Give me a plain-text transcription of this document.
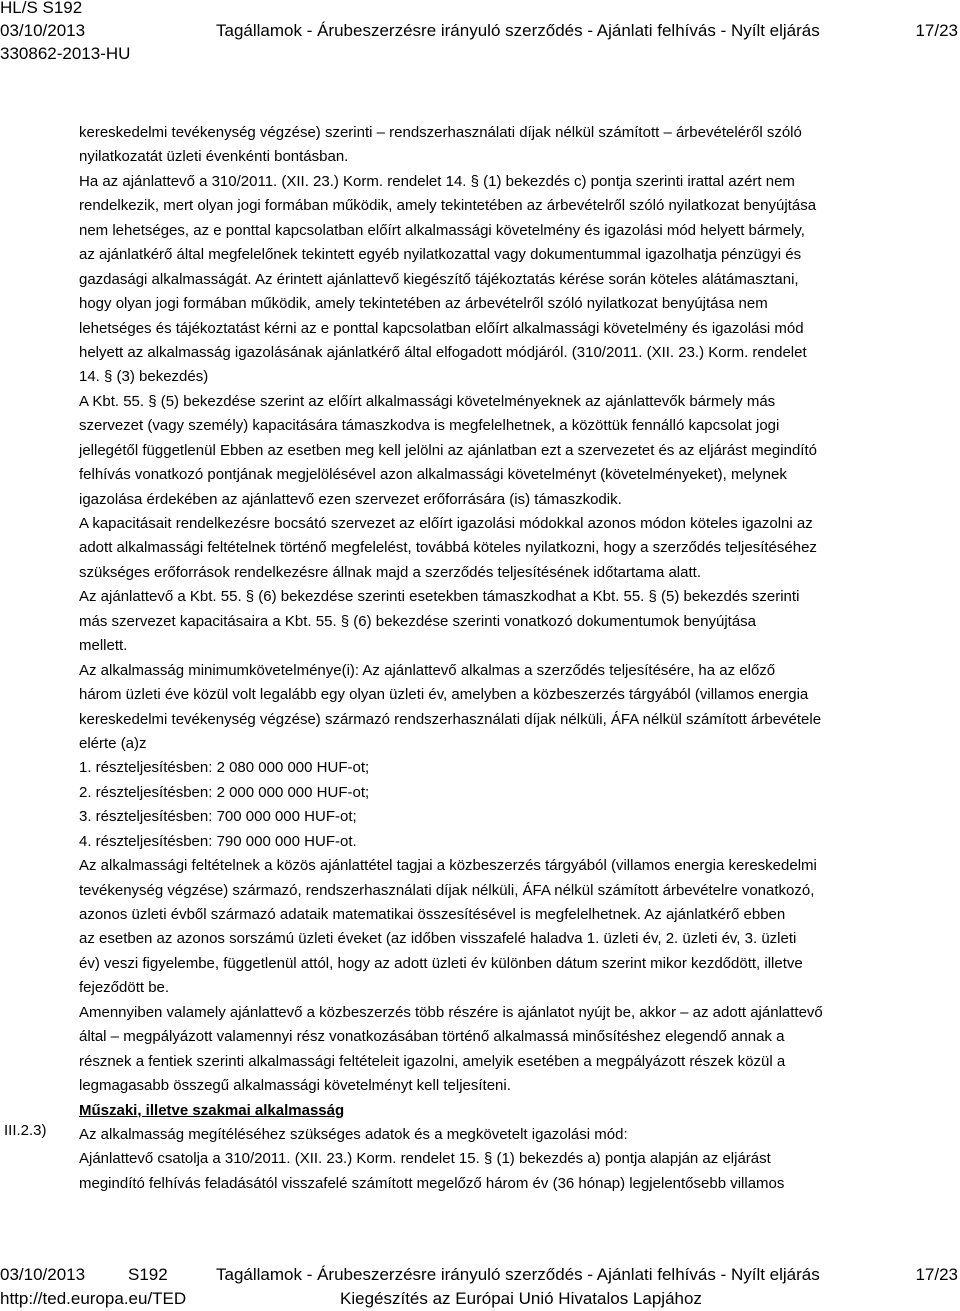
HL/S S192
03/10/2013
330862-2013-HU
Tagállamok - Árubeszerzésre irányuló szerződés - Ajánlati felhívás - Nyílt eljárás	17/23
kereskedelmi tevékenység végzése) szerinti – rendszerhasználati díjak nélkül számított – árbevételéről szóló
nyilatkozatát üzleti évenkénti bontásban.
Ha az ajánlattevő a 310/2011. (XII. 23.) Korm. rendelet 14. § (1) bekezdés c) pontja szerinti irattal azért nem
rendelkezik, mert olyan jogi formában működik, amely tekintetében az árbevételről szóló nyilatkozat benyújtása
nem lehetséges, az e ponttal kapcsolatban előírt alkalmassági követelmény és igazolási mód helyett bármely,
az ajánlatkérő által megfelelőnek tekintett egyéb nyilatkozattal vagy dokumentummal igazolhatja pénzügyi és
gazdasági alkalmasságát. Az érintett ajánlattevő kiegészítő tájékoztatás kérése során köteles alátámasztani,
hogy olyan jogi formában működik, amely tekintetében az árbevételről szóló nyilatkozat benyújtása nem
lehetséges és tájékoztatást kérni az e ponttal kapcsolatban előírt alkalmassági követelmény és igazolási mód
helyett az alkalmasság igazolásának ajánlatkérő által elfogadott módjáról. (310/2011. (XII. 23.) Korm. rendelet
14. § (3) bekezdés)
A Kbt. 55. § (5) bekezdése szerint az előírt alkalmassági követelményeknek az ajánlattevők bármely más
szervezet (vagy személy) kapacitására támaszkodva is megfelelhetnek, a közöttük fennálló kapcsolat jogi
jellegétől függetlenül Ebben az esetben meg kell jelölni az ajánlatban ezt a szervezetet és az eljárást megindító
felhívás vonatkozó pontjának megjelölésével azon alkalmassági követelményt (követelményeket), melynek
igazolása érdekében az ajánlattevő ezen szervezet erőforrására (is) támaszkodik.
A kapacitásait rendelkezésre bocsátó szervezet az előírt igazolási módokkal azonos módon köteles igazolni az
adott alkalmassági feltételnek történő megfelelést, továbbá köteles nyilatkozni, hogy a szerződés teljesítéséhez
szükséges erőforrások rendelkezésre állnak majd a szerződés teljesítésének időtartama alatt.
Az ajánlattevő a Kbt. 55. § (6) bekezdése szerinti esetekben támaszkodhat a Kbt. 55. § (5) bekezdés szerinti
más szervezet kapacitásaira a Kbt. 55. § (6) bekezdése szerinti vonatkozó dokumentumok benyújtása
mellett.
Az alkalmasság minimumkövetelménye(i): Az ajánlattevő alkalmas a szerződés teljesítésére, ha az előző
három üzleti éve közül volt legalább egy olyan üzleti év, amelyben a közbeszerzés tárgyából (villamos energia
kereskedelmi tevékenység végzése) származó rendszerhasználati díjak nélküli, ÁFA nélkül számított árbevétele
elérte (a)z
1. részteljesítésben: 2 080 000 000 HUF-ot;
2. részteljesítésben: 2 000 000 000 HUF-ot;
3. részteljesítésben: 700 000 000 HUF-ot;
4. részteljesítésben: 790 000 000 HUF-ot.
Az alkalmassági feltételnek a közös ajánlattétel tagjai a közbeszerzés tárgyából (villamos energia kereskedelmi
tevékenység végzése) származó, rendszerhasználati díjak nélküli, ÁFA nélkül számított árbevételre vonatkozó,
azonos üzleti évből származó adataik matematikai összesítésével is megfelelhetnek. Az ajánlatkérő ebben
az esetben az azonos sorszámú üzleti éveket (az időben visszafelé haladva 1. üzleti év, 2. üzleti év, 3. üzleti
év) veszi figyelembe, függetlenül attól, hogy az adott üzleti év különben dátum szerint mikor kezdődött, illetve
fejeződött be.
Amennyiben valamely ajánlattevő a közbeszerzés több részére is ajánlatot nyújt be, akkor – az adott ajánlattevő
által – megpályázott valamennyi rész vonatkozásában történő alkalmassá minősítéshez elegendő annak a
résznek a fentiek szerinti alkalmassági feltételeit igazolni, amelyik esetében a megpályázott részek közül a
legmagasabb összegű alkalmassági követelményt kell teljesíteni.
Műszaki, illetve szakmai alkalmasság
Az alkalmasság megítéléséhez szükséges adatok és a megkövetelt igazolási mód:
Ajánlattevő csatolja a 310/2011. (XII. 23.) Korm. rendelet 15. § (1) bekezdés a) pontja alapján az eljárást
megindító felhívás feladásától visszafelé számított megelőző három év (36 hónap) legjelentősebb villamos
III.2.3)
03/10/2013	S192	Tagállamok - Árubeszerzésre irányuló szerződés - Ajánlati felhívás - Nyílt eljárás	17/23
http://ted.europa.eu/TED	Kiegészítés az Európai Unió Hivatalos Lapjához
